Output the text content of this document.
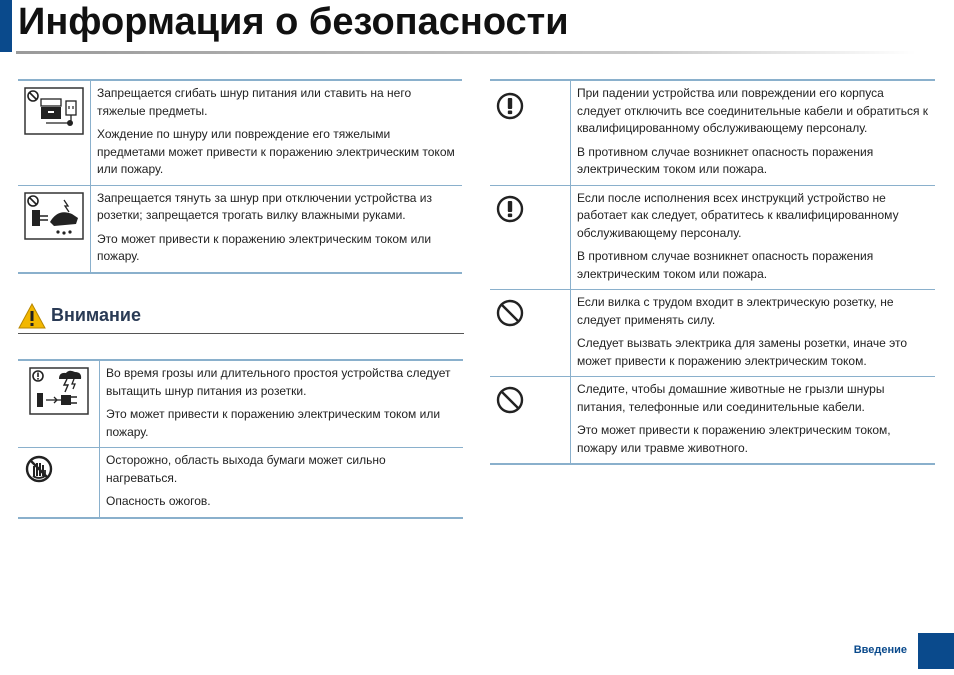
Информация о безопасности

Запрещается сгибать шнур питания или ставить на него тяжелые предметы.

Хождение по шнуру или повреждение его тяжелыми предметами может привести к поражению электрическим током или пожару.

Запрещается тянуть за шнур при отключении устройства из розетки; запрещается трогать вилку влажными руками.

Это может привести к поражению электрическим током или пожару.

Внимание

Во время грозы или длительного простоя устройства следует вытащить шнур питания из розетки.

Это может привести к поражению электрическим током или пожару.

Осторожно, область выхода бумаги может сильно нагреваться.

Опасность ожогов.

При падении устройства или повреждении его корпуса следует отключить все соединительные кабели и обратиться к квалифицированному обслуживающему персоналу.

В противном случае возникнет опасность поражения электрическим током или пожара.

Если после исполнения всех инструкций устройство не работает как следует, обратитесь к квалифицированному обслуживающему персоналу.

В противном случае возникнет опасность поражения электрическим током или пожара.

Если вилка с трудом входит в электрическую розетку, не следует применять силу.

Следует вызвать электрика для замены розетки, иначе это может привести к поражению электрическим током.

Следите, чтобы домашние животные не грызли шнуры питания, телефонные или соединительные кабели.

Это может привести к поражению электрическим током, пожару или травме животного.

Введение
